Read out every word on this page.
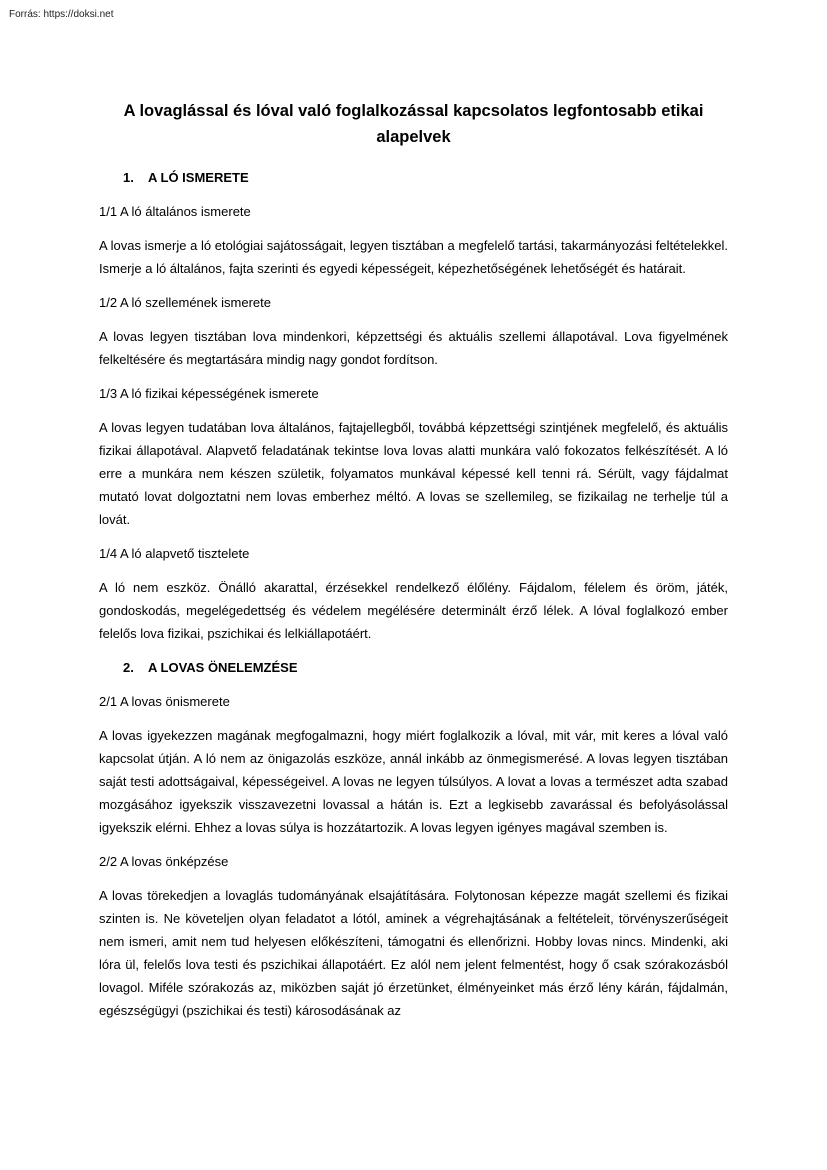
Forrás: https://doksi.net
A lovaglással és lóval való foglalkozással kapcsolatos legfontosabb etikai alapelvek
1. A LÓ ISMERETE
1/1 A ló általános ismerete

A lovas ismerje a ló etológiai sajátosságait, legyen tisztában a megfelelő tartási, takarmányozási feltételekkel. Ismerje a ló általános, fajta szerinti és egyedi képességeit, képezhetőségének lehetőségét és határait.

1/2 A ló szellemének ismerete

A lovas legyen tisztában lova mindenkori, képzettségi és aktuális szellemi állapotával. Lova figyelmének felkeltésére és megtartására mindig nagy gondot fordítson.

1/3 A ló fizikai képességének ismerete

A lovas legyen tudatában lova általános, fajtajellegből, továbbá képzettségi szintjének megfelelő, és aktuális fizikai állapotával. Alapvető feladatának tekintse lova lovas alatti munkára való fokozatos felkészítését. A ló erre a munkára nem készen születik, folyamatos munkával képessé kell tenni rá. Sérült, vagy fájdalmat mutató lovat dolgoztatni nem lovas emberhez méltó. A lovas se szellemileg, se fizikailag ne terhelje túl a lovát.

1/4 A ló alapvető tisztelete

A ló nem eszköz. Önálló akarattal, érzésekkel rendelkező élőlény. Fájdalom, félelem és öröm, játék, gondoskodás, megelégedettség és védelem megélésére determinált érző lélek. A lóval foglalkozó ember felelős lova fizikai, pszichikai és lelkiállapotáért.

2. A LOVAS ÖNELEMZÉSE
2/1 A lovas önismerete

A lovas igyekezzen magának megfogalmazni, hogy miért foglalkozik a lóval, mit vár, mit keres a lóval való kapcsolat útján. A ló nem az önigazolás eszköze, annál inkább az önmegismerésé. A lovas legyen tisztában saját testi adottságaival, képességeivel. A lovas ne legyen túlsúlyos. A lovat a lovas a természet adta szabad mozgásához igyekszik visszavezetni lovassal a hátán is. Ezt a legkisebb zavarással és befolyásolással igyekszik elérni. Ehhez a lovas súlya is hozzátartozik. A lovas legyen igényes magával szemben is.

2/2 A lovas önképzése

A lovas törekedjen a lovaglás tudományának elsajátítására. Folytonosan képezze magát szellemi és fizikai szinten is. Ne követeljen olyan feladatot a lótól, aminek a végrehajtásának a feltételeit, törvényszerűségeit nem ismeri, amit nem tud helyesen előkészíteni, támogatni és ellenőrizni. Hobby lovas nincs. Mindenki, aki lóra ül, felelős lova testi és pszichikai állapotáért. Ez alól nem jelent felmentést, hogy ő csak szórakozásból lovagol. Miféle szórakozás az, miközben saját jó érzetünket, élményeinket más érző lény kárán, fájdalmán, egészségügyi (pszichikai és testi) károsodásának az
